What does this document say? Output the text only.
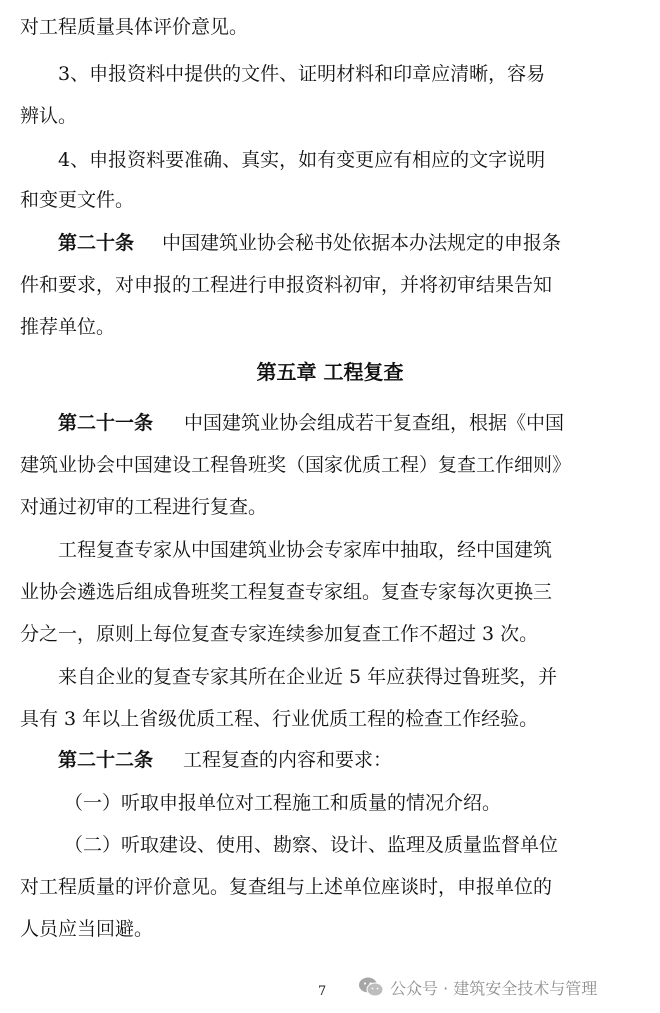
对工程质量具体评价意见。
3、申报资料中提供的文件、证明材料和印章应清晰，容易
辨认。
4、申报资料要准确、真实，如有变更应有相应的文字说明
和变更文件。
第二十条 中国建筑业协会秘书处依据本办法规定的申报条
件和要求，对申报的工程进行申报资料初审，并将初审结果告知
推荐单位。
第五章 工程复查
第二十一条 中国建筑业协会组成若干复查组，根据《中国
建筑业协会中国建设工程鲁班奖（国家优质工程）复查工作细则》
对通过初审的工程进行复查。
工程复查专家从中国建筑业协会专家库中抽取，经中国建筑
业协会遴选后组成鲁班奖工程复查专家组。复查专家每次更换三
分之一，原则上每位复查专家连续参加复查工作不超过 3 次。
来自企业的复查专家其所在企业近 5 年应获得过鲁班奖，并
具有 3 年以上省级优质工程、行业优质工程的检查工作经验。
第二十二条 工程复查的内容和要求：
（一）听取申报单位对工程施工和质量的情况介绍。
（二）听取建设、使用、勘察、设计、监理及质量监督单位
对工程质量的评价意见。复查组与上述单位座谈时，申报单位的
人员应当回避。
7	公众号 · 建筑安全技术与管理
